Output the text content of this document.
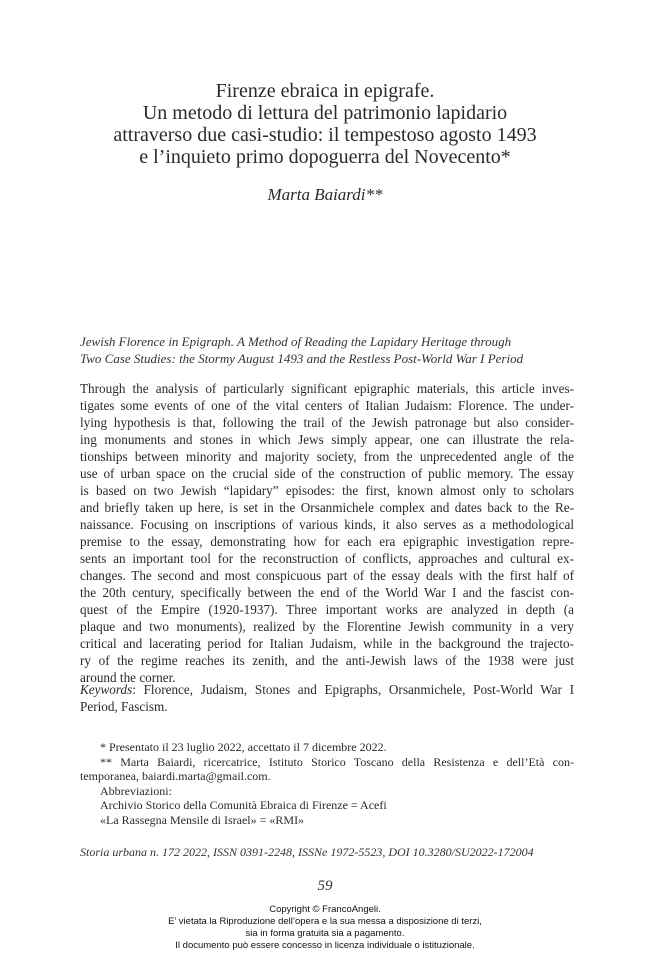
Firenze ebraica in epigrafe.
Un metodo di lettura del patrimonio lapidario
attraverso due casi-studio: il tempestoso agosto 1493
e l’inquieto primo dopoguerra del Novecento*
Marta Baiardi**
Jewish Florence in Epigraph. A Method of Reading the Lapidary Heritage through
Two Case Studies: the Stormy August 1493 and the Restless Post-World War I Period
Through the analysis of particularly significant epigraphic materials, this article inves-
tigates some events of one of the vital centers of Italian Judaism: Florence. The under-
lying hypothesis is that, following the trail of the Jewish patronage but also consider-
ing monuments and stones in which Jews simply appear, one can illustrate the rela-
tionships between minority and majority society, from the unprecedented angle of the
use of urban space on the crucial side of the construction of public memory. The essay
is based on two Jewish “lapidary” episodes: the first, known almost only to scholars
and briefly taken up here, is set in the Orsanmichele complex and dates back to the Re-
naissance. Focusing on inscriptions of various kinds, it also serves as a methodological
premise to the essay, demonstrating how for each era epigraphic investigation repre-
sents an important tool for the reconstruction of conflicts, approaches and cultural ex-
changes. The second and most conspicuous part of the essay deals with the first half of
the 20th century, specifically between the end of the World War I and the fascist con-
quest of the Empire (1920-1937). Three important works are analyzed in depth (a
plaque and two monuments), realized by the Florentine Jewish community in a very
critical and lacerating period for Italian Judaism, while in the background the trajecto-
ry of the regime reaches its zenith, and the anti-Jewish laws of the 1938 were just
around the corner.
Keywords: Florence, Judaism, Stones and Epigraphs, Orsanmichele, Post-World War I
Period, Fascism.
* Presentato il 23 luglio 2022, accettato il 7 dicembre 2022.
** Marta Baiardi, ricercatrice, Istituto Storico Toscano della Resistenza e dell’Età con-
temporanea, baiardi.marta@gmail.com.
Abbreviazioni:
Archivio Storico della Comunità Ebraica di Firenze = Acefi
«La Rassegna Mensile di Israel» = «RMI»
Storia urbana n. 172 2022, ISSN 0391-2248, ISSNe 1972-5523, DOI 10.3280/SU2022-172004
59
Copyright © FrancoAngeli.
E’ vietata la Riproduzione dell’opera e la sua messa a disposizione di terzi,
sia in forma gratuita sia a pagamento.
Il documento può essere concesso in licenza individuale o istituzionale.
